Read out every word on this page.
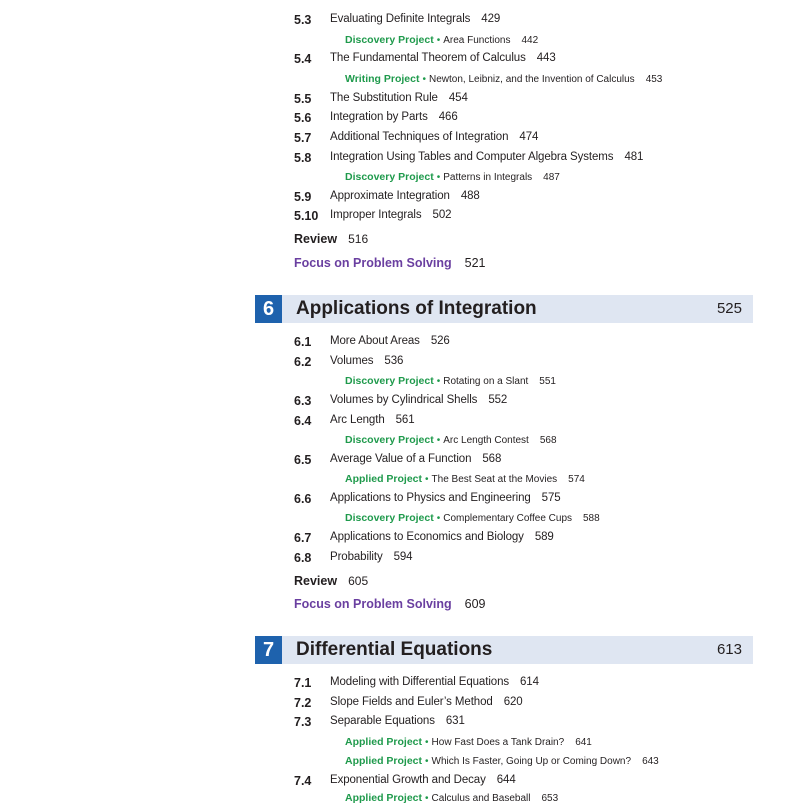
5.3 Evaluating Definite Integrals 429
Discovery Project • Area Functions 442
5.4 The Fundamental Theorem of Calculus 443
Writing Project • Newton, Leibniz, and the Invention of Calculus 453
5.5 The Substitution Rule 454
5.6 Integration by Parts 466
5.7 Additional Techniques of Integration 474
5.8 Integration Using Tables and Computer Algebra Systems 481
Discovery Project • Patterns in Integrals 487
5.9 Approximate Integration 488
5.10 Improper Integrals 502
Review 516
Focus on Problem Solving 521
6	Applications of Integration	525
6.1 More About Areas 526
6.2 Volumes 536
Discovery Project • Rotating on a Slant 551
6.3 Volumes by Cylindrical Shells 552
6.4 Arc Length 561
Discovery Project • Arc Length Contest 568
6.5 Average Value of a Function 568
Applied Project • The Best Seat at the Movies 574
6.6 Applications to Physics and Engineering 575
Discovery Project • Complementary Coffee Cups 588
6.7 Applications to Economics and Biology 589
6.8 Probability 594
Review 605
Focus on Problem Solving 609
7	Differential Equations	613
7.1 Modeling with Differential Equations 614
7.2 Slope Fields and Euler’s Method 620
7.3 Separable Equations 631
Applied Project • How Fast Does a Tank Drain? 641
Applied Project • Which Is Faster, Going Up or Coming Down? 643
7.4 Exponential Growth and Decay 644
Applied Project • Calculus and Baseball 653
